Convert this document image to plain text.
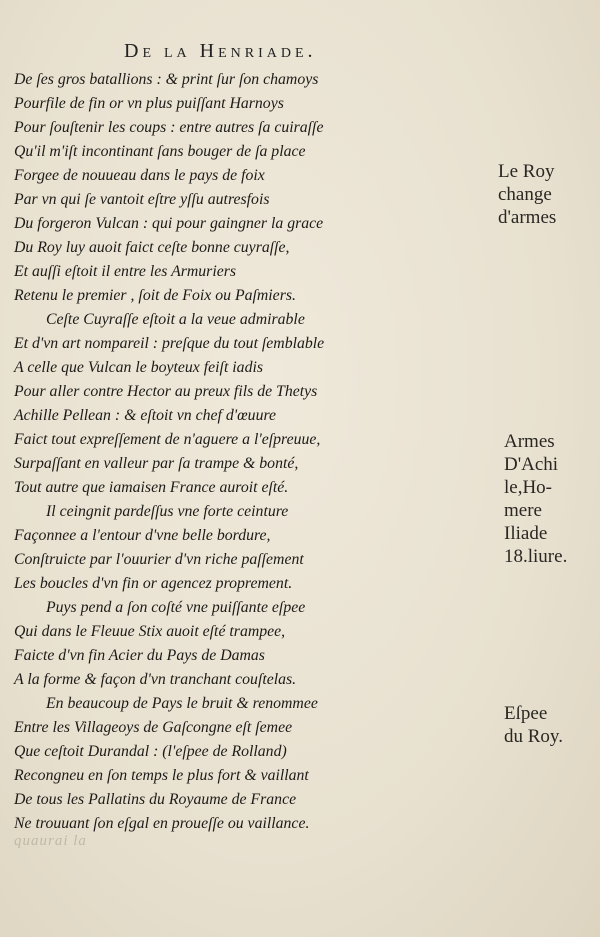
De la Henriade.
De ſes gros batallions : & print ſur ſon chamoys
Pourfile de fin or vn plus puiſſant Harnoys
Pour ſouſtenir les coups : entre autres ſa cuiraſſe
Qu'il m'iſt incontinant ſans bouger de ſa place
Forgee de nouueau dans le pays de foix
Par vn qui ſe vantoit eſtre yſſu autresfois
Du forgeron Vulcan : qui pour gaingner la grace
Du Roy luy auoit faict ceſte bonne cuyraſſe,
Et auſſi eſtoit il entre les Armuriers
Retenu le premier , ſoit de Foix ou Paſmiers.
Ceſte Cuyraſſe eſtoit a la veue admirable
Et d'vn art nompareil : preſque du tout ſemblable
A celle que Vulcan le boyteux feiſt iadis
Pour aller contre Hector au preux fils de Thetys
Achille Pellean : & eſtoit vn chef d'œuure
Faict tout expreſſement de n'aguere a l'eſpreuue,
Surpaſſant en valleur par ſa trampe & bonté,
Tout autre que iamaisen France auroit eſté.
Il ceingnit pardeſſus vne forte ceinture
Façonnee a l'entour d'vne belle bordure,
Conſtruicte par l'ouurier d'vn riche paſſement
Les boucles d'vn fin or agencez proprement.
Puys pend a ſon coſté vne puiſſante eſpee
Qui dans le Fleuue Stix auoit eſté trampee,
Faicte d'vn fin Acier du Pays de Damas
A la forme & façon d'vn tranchant couſtelas.
En beaucoup de Pays le bruit & renommee
Entre les Villageoys de Gaſcongne eſt ſemee
Que ceſtoit Durandal : (l'eſpee de Rolland)
Recongneu en ſon temps le plus fort & vaillant
De tous les Pallatins du Royaume de France
Ne trouuant ſon eſgal en proueſſe ou vaillance.
Le Roy
change
d'armes
Armes
D'Achi
le,Ho-
mere
Iliade
18.liure.
Eſpee
du Roy.
quaurai la
